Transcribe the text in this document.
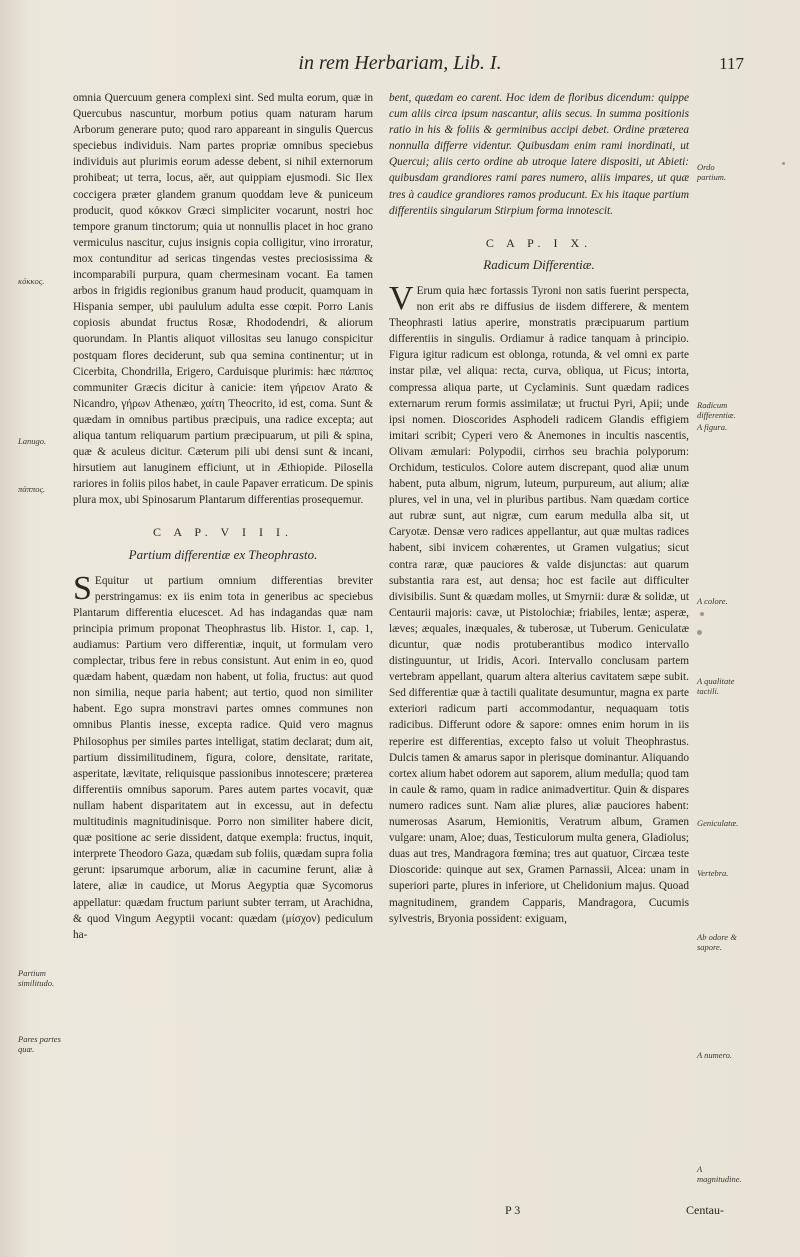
in rem Herbariam, Lib. I.	117
κόκκος.
Lanugo.
πάππος.
Partium similitudo.
Pares partes quæ.
Ordo partium.
Radicum differentiæ.
A figura.
A colore.
A qualitate tactili.
Geniculatæ.
Vertebra.
Ab odore & sapore.
A numero.
A magnitudine.

omnia Quercuum genera complexi sint. Sed multa eorum, quæ in Quercubus nascuntur, morbum potius quam naturam harum Arborum generare puto; quod raro appareant in singulis Quercus speciebus individuis. Nam partes propriæ omnibus speciebus individuis aut plurimis eorum adesse debent, si nihil externorum prohibeat; ut terra, locus, aër, aut quippiam ejusmodi. Sic Ilex coccigera præter glandem granum quoddam leve & puniceum producit, quod κόκκον Græci simpliciter vocarunt, nostri hoc tempore granum tinctorum; quia ut nonnullis placet in hoc grano vermiculus nascitur, cujus insignis copia colligitur, vino irroratur, mox contunditur ad sericas tingendas vestes preciosissima & incomparabili purpura, quam chermesinam vocant. Ea tamen arbos in frigidis regionibus granum haud producit, quamquam in Hispania semper, ubi paululum adulta esse cœpit. Porro Lanis copiosis abundat fructus Rosæ, Rhododendri, & aliorum quorundam. In Plantis aliquot villositas seu lanugo conspicitur postquam flores deciderunt, sub qua semina continentur; ut in Cicerbita, Chondrilla, Erigero, Carduisque plurimis: hæc πάππος communiter Græcis dicitur à canicie: item γήρειον Arato & Nicandro, γήρων Athenæo, χαίτη Theocrito, id est, coma. Sunt & quædam in omnibus partibus præcipuis, una radice excepta; aut aliqua tantum reliquarum partium præcipuarum, ut pili & spina, quæ & aculeus dicitur. Cæterum pili ubi densi sunt & incani, hirsutiem aut lanuginem efficiunt, ut in Æthiopide. Pilosella rariores in foliis pilos habet, in caule Papaver erraticum. De spinis plura mox, ubi Spinosarum Plantarum differentias prosequemur.

C A P. V I I I.
Partium differentiæ ex Theophrasto.

S Equitur ut partium omnium differentias breviter perstringamus: ex iis enim tota in generibus ac speciebus Plantarum differentia elucescet. Ad has indagandas quæ nam principia primum proponat Theophrastus lib. Histor. 1, cap. 1, audiamus: Partium vero differentiæ, inquit, ut formulam vero complectar, tribus fere in rebus consistunt. Aut enim in eo, quod quædam habent, quædam non habent, ut folia, fructus: aut quod non similia, neque paria habent; aut tertio, quod non similiter habent. Ego supra monstravi partes omnes communes non omnibus Plantis inesse, excepta radice. Quid vero magnus Philosophus per similes partes intelligat, statim declarat; dum ait, partium dissimilitudinem, figura, colore, densitate, raritate, asperitate, lævitate, reliquisque passionibus innotescere; præterea differentiis omnibus saporum. Pares autem partes vocavit, quæ nullam habent disparitatem aut in excessu, aut in defectu multitudinis magnitudinisque. Porro non similiter habere dicit, quæ positione ac serie dissident, datque exempla: fructus, inquit, interprete Theodoro Gaza, quædam sub foliis, quædam supra folia gerunt: ipsarumque arborum, aliæ in cacumine ferunt, aliæ à latere, aliæ in caudice, ut Morus Aegyptia quæ Sycomorus appellatur: quædam fructum pariunt subter terram, ut Arachidna, & quod Vingum Aegyptii vocant: quædam (μίσχον) pediculum ha-

bent, quædam eo carent. Hoc idem de floribus dicendum: quippe cum aliis circa ipsum nascantur, aliis secus. In summa positionis ratio in his & foliis & germinibus accipi debet. Ordine præterea nonnulla differre videntur. Quibusdam enim rami inordinati, ut Quercui; aliis certo ordine ab utroque latere dispositi, ut Abieti: quibusdam grandiores rami pares numero, aliis impares, ut quæ tres à caudice grandiores ramos producunt. Ex his itaque partium differentiis singularum Stirpium forma innotescit.

C A P. I X.
Radicum Differentiæ.

V Erum quia hæc fortassis Tyroni non satis fuerint perspecta, non erit abs re diffusius de iisdem differere, & mentem Theophrasti latius aperire, monstratis præcipuarum partium differentiis in singulis. Ordiamur à radice tanquam à principio. Figura igitur radicum est oblonga, rotunda, & vel omni ex parte instar pilæ, vel aliqua: recta, curva, obliqua, ut Ficus; intorta, compressa aliqua parte, ut Cyclaminis. Sunt quædam radices externarum rerum formis assimilatæ; ut fructui Pyri, Apii; unde ipsi nomen. Dioscorides Asphodeli radicem Glandis effigiem imitari scribit; Cyperi vero & Anemones in incultis nascentis, Olivam æmulari: Polypodii, cirrhos seu brachia polyporum: Orchidum, testiculos. Colore autem discrepant, quod aliæ unum habent, puta album, nigrum, luteum, purpureum, aut alium; aliæ plures, vel in una, vel in pluribus partibus. Nam quædam cortice aut rubræ sunt, aut nigræ, cum earum medulla alba sit, ut Caryotæ. Densæ vero radices appellantur, aut quæ multas radices habent, sibi invicem cohærentes, ut Gramen vulgatius; sicut contra raræ, quæ pauciores & valde disjunctas: aut quarum substantia rara est, aut densa; hoc est facile aut difficulter divisibilis. Sunt & quædam molles, ut Smyrnii: duræ & solidæ, ut Centaurii majoris: cavæ, ut Pistolochiæ; friabiles, lentæ; asperæ, læves; æquales, inæquales, & tuberosæ, ut Tuberum. Geniculatæ dicuntur, quæ nodis protuberantibus modico intervallo distinguuntur, ut Iridis, Acori. Intervallo conclusam partem vertebram appellant, quarum altera alterius cavitatem sæpe subit. Sed differentiæ quæ à tactili qualitate desumuntur, magna ex parte exteriori radicum parti accommodantur, nequaquam totis radicibus. Differunt odore & sapore: omnes enim horum in iis reperire est differentias, excepto falso ut voluit Theophrastus. Dulcis tamen & amarus sapor in plerisque dominantur. Aliquando cortex alium habet odorem aut saporem, alium medulla; quod tam in caule & ramo, quam in radice animadvertitur. Quin & dispares numero radices sunt. Nam aliæ plures, aliæ pauciores habent: numerosas Asarum, Hemionitis, Veratrum album, Gramen vulgare: unam, Aloe; duas, Testiculorum multa genera, Gladiolus; duas aut tres, Mandragora fœmina; tres aut quatuor, Circæa teste Dioscoride: quinque aut sex, Gramen Parnassii, Alcea: unam in superiori parte, plures in inferiore, ut Chelidonium majus. Quoad magnitudinem, grandem Capparis, Mandragora, Cucumis sylvestris, Bryonia possident: exiguam,

P 3	Centau-
